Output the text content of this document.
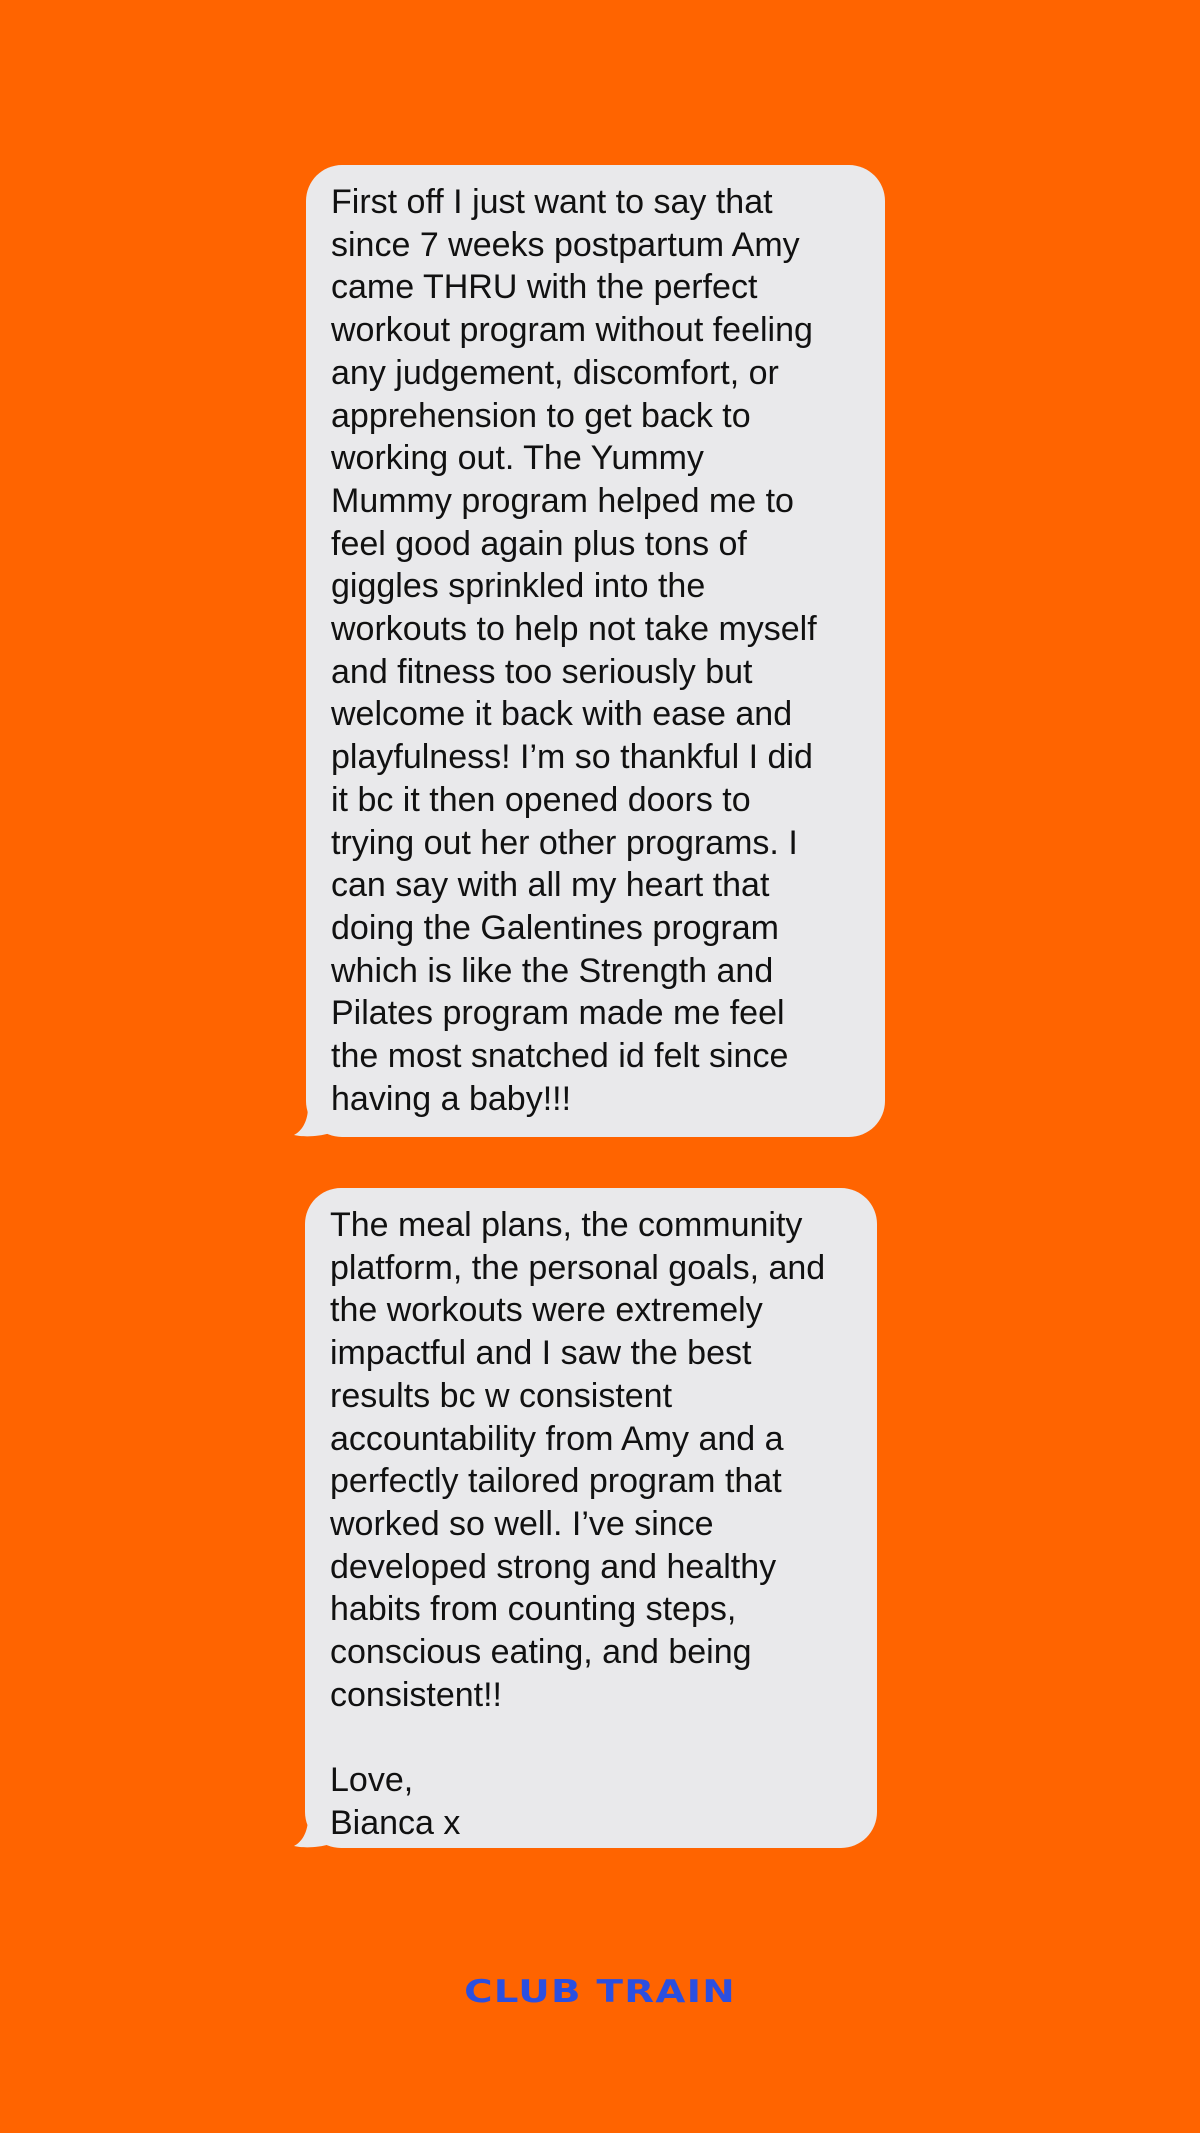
First off I just want to say that
since 7 weeks postpartum Amy
came THRU with the perfect
workout program without feeling
any judgement, discomfort, or
apprehension to get back to
working out. The Yummy
Mummy program helped me to
feel good again plus tons of
giggles sprinkled into the
workouts to help not take myself
and fitness too seriously but
welcome it back with ease and
playfulness! I’m so thankful I did
it bc it then opened doors to
trying out her other programs. I
can say with all my heart that
doing the Galentines program
which is like the Strength and
Pilates program made me feel
the most snatched id felt since
having a baby!!!
The meal plans, the community
platform, the personal goals, and
the workouts were extremely
impactful and I saw the best
results bc w consistent
accountability from Amy and a
perfectly tailored program that
worked so well. I’ve since
developed strong and healthy
habits from counting steps,
conscious eating, and being
consistent!!
Love,
Bianca x
CLUB TRAIN
